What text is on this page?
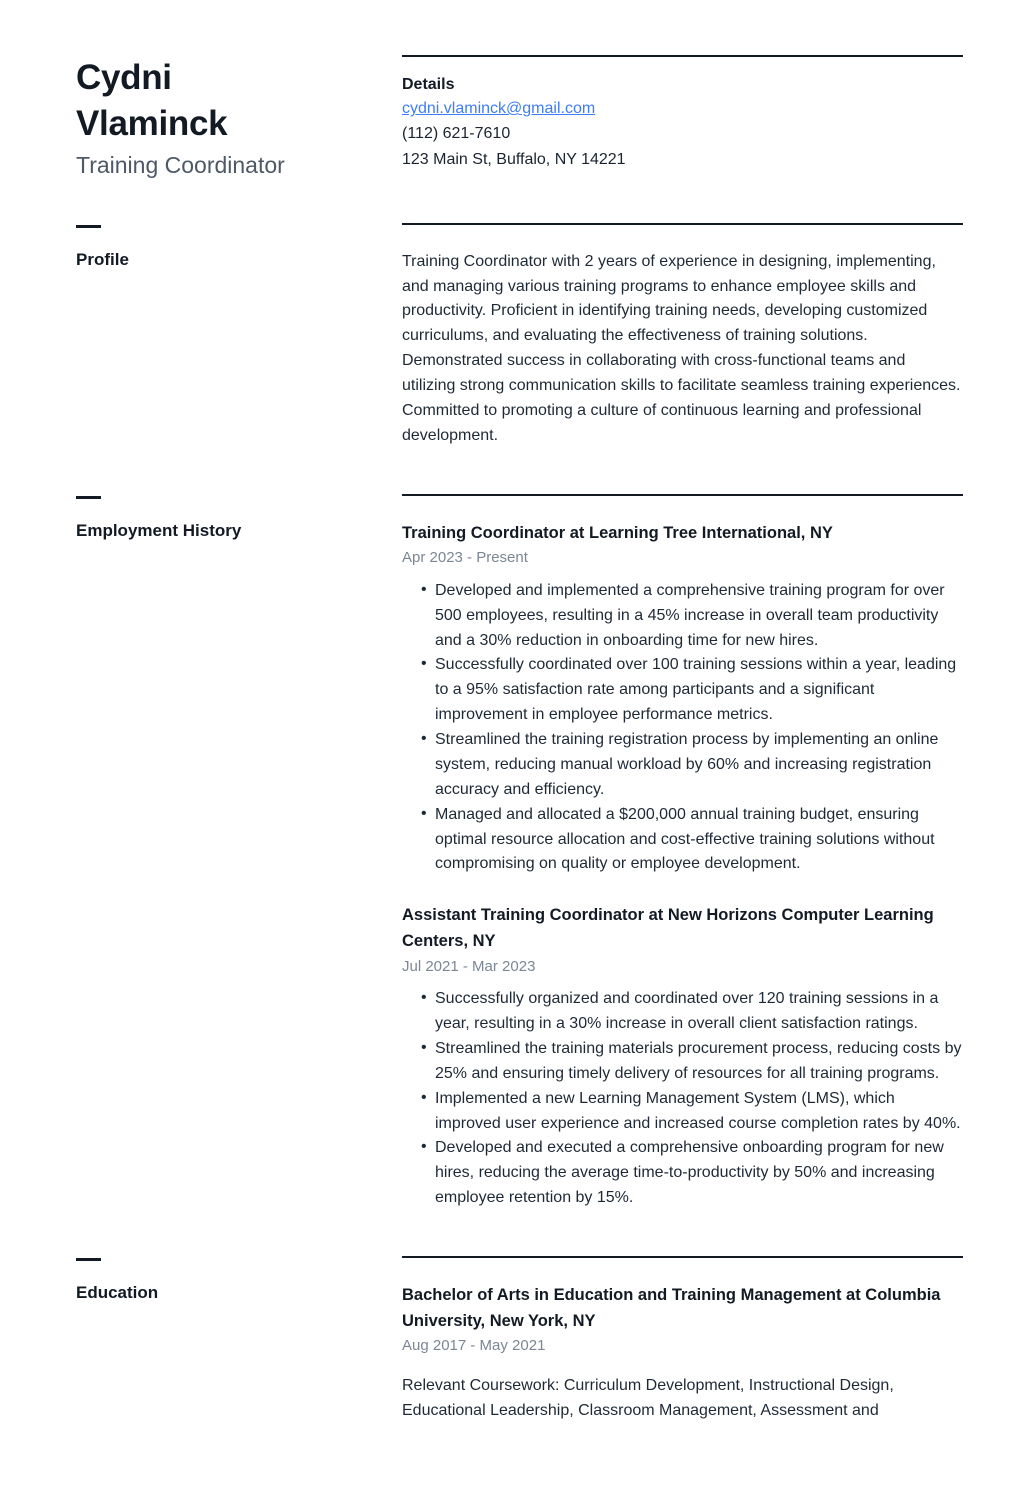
Cydni
Vlaminck
Training Coordinator
Details
cydni.vlaminck@gmail.com
(112) 621-7610
123 Main St, Buffalo, NY 14221
Profile	Training Coordinator with 2 years of experience in designing, implementing, and managing various training programs to enhance employee skills and productivity. Proficient in identifying training needs, developing customized curriculums, and evaluating the effectiveness of training solutions. Demonstrated success in collaborating with cross-functional teams and utilizing strong communication skills to facilitate seamless training experiences. Committed to promoting a culture of continuous learning and professional development.

Employment History	Training Coordinator at Learning Tree International, NY
Apr 2023 - Present
• Developed and implemented a comprehensive training program for over 500 employees, resulting in a 45% increase in overall team productivity and a 30% reduction in onboarding time for new hires.
• Successfully coordinated over 100 training sessions within a year, leading to a 95% satisfaction rate among participants and a significant improvement in employee performance metrics.
• Streamlined the training registration process by implementing an online system, reducing manual workload by 60% and increasing registration accuracy and efficiency.
• Managed and allocated a $200,000 annual training budget, ensuring optimal resource allocation and cost-effective training solutions without compromising on quality or employee development.
Assistant Training Coordinator at New Horizons Computer Learning Centers, NY
Jul 2021 - Mar 2023
• Successfully organized and coordinated over 120 training sessions in a year, resulting in a 30% increase in overall client satisfaction ratings.
• Streamlined the training materials procurement process, reducing costs by 25% and ensuring timely delivery of resources for all training programs.
• Implemented a new Learning Management System (LMS), which improved user experience and increased course completion rates by 40%.
• Developed and executed a comprehensive onboarding program for new hires, reducing the average time-to-productivity by 50% and increasing employee retention by 15%.
Education	Bachelor of Arts in Education and Training Management at Columbia University, New York, NY
Aug 2017 - May 2021
Relevant Coursework: Curriculum Development, Instructional Design, Educational Leadership, Classroom Management, Assessment and
